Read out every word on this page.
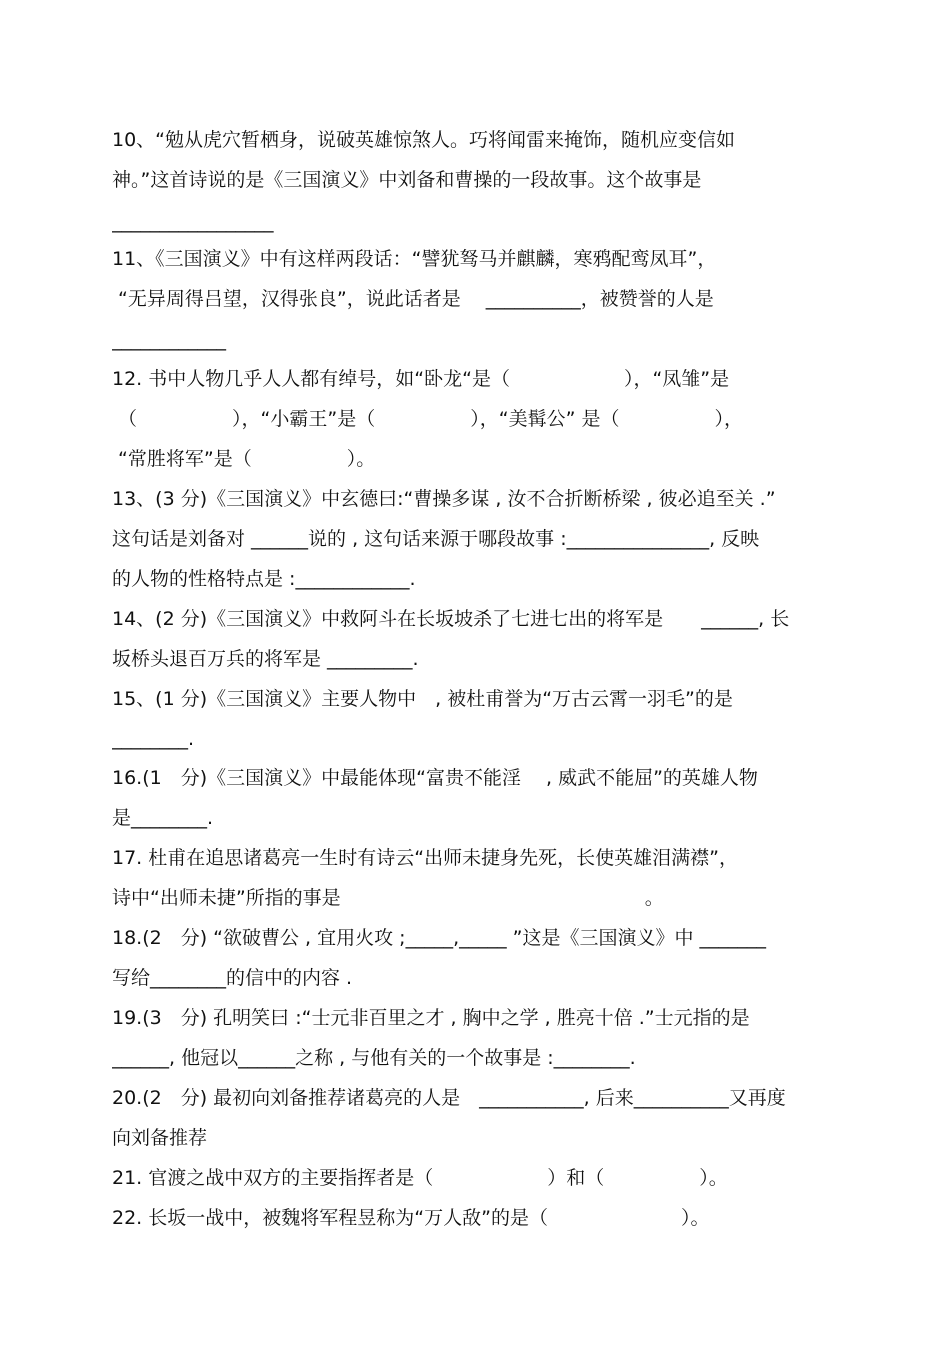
10、“勉从虎穴暂栖身，说破英雄惊煞人。巧将闻雷来掩饰，随机应变信如
神。”这首诗说的是《三国演义》中刘备和曹操的一段故事。这个故事是
_________________
11、《三国演义》中有这样两段话：“譬犹驽马并麒麟，寒鸦配鸾凤耳”，
“无异周得吕望，汉得张良”，说此话者是　 __________，被赞誉的人是
____________
12. 书中人物几乎人人都有绰号，如“卧龙“是（　　　　　　），“凤雏”是
（　　　　　），“小霸王”是（　　　　　），“美髯公” 是（　　　　　），
“常胜将军”是（　　　　　）。
13、(3 分)《三国演义》中玄德曰:“曹操多谋 , 汝不合折断桥梁 , 彼必追至关 .”
这句话是刘备对 ______说的 , 这句话来源于哪段故事 :_______________, 反映
的人物的性格特点是 :____________.
14、(2 分)《三国演义》中救阿斗在长坂坡杀了七进七出的将军是　　______, 长
坂桥头退百万兵的将军是 _________.
15、(1 分)《三国演义》主要人物中　, 被杜甫誉为“万古云霄一羽毛”的是
________.
16.(1　分)《三国演义》中最能体现“富贵不能淫　 , 威武不能屈”的英雄人物
是________.
17. 杜甫在追思诸葛亮一生时有诗云“出师未捷身先死，长使英雄泪满襟”，
诗中“出师未捷”所指的事是　　　　　　　　　　　　　　　　。
18.(2　分) “欲破曹公 , 宜用火攻 ;_____,_____ ”这是《三国演义》中 _______
写给________的信中的内容 .
19.(3　分) 孔明笑曰 :“士元非百里之才 , 胸中之学 , 胜亮十倍 .”士元指的是
______, 他冠以______之称 , 与他有关的一个故事是 :________.
20.(2　分) 最初向刘备推荐诸葛亮的人是　___________, 后来__________又再度
向刘备推荐
21. 官渡之战中双方的主要指挥者是（　　　　　　）和（　　　　　）。
22. 长坂一战中，被魏将军程昱称为“万人敌”的是（　　　　　　　）。
